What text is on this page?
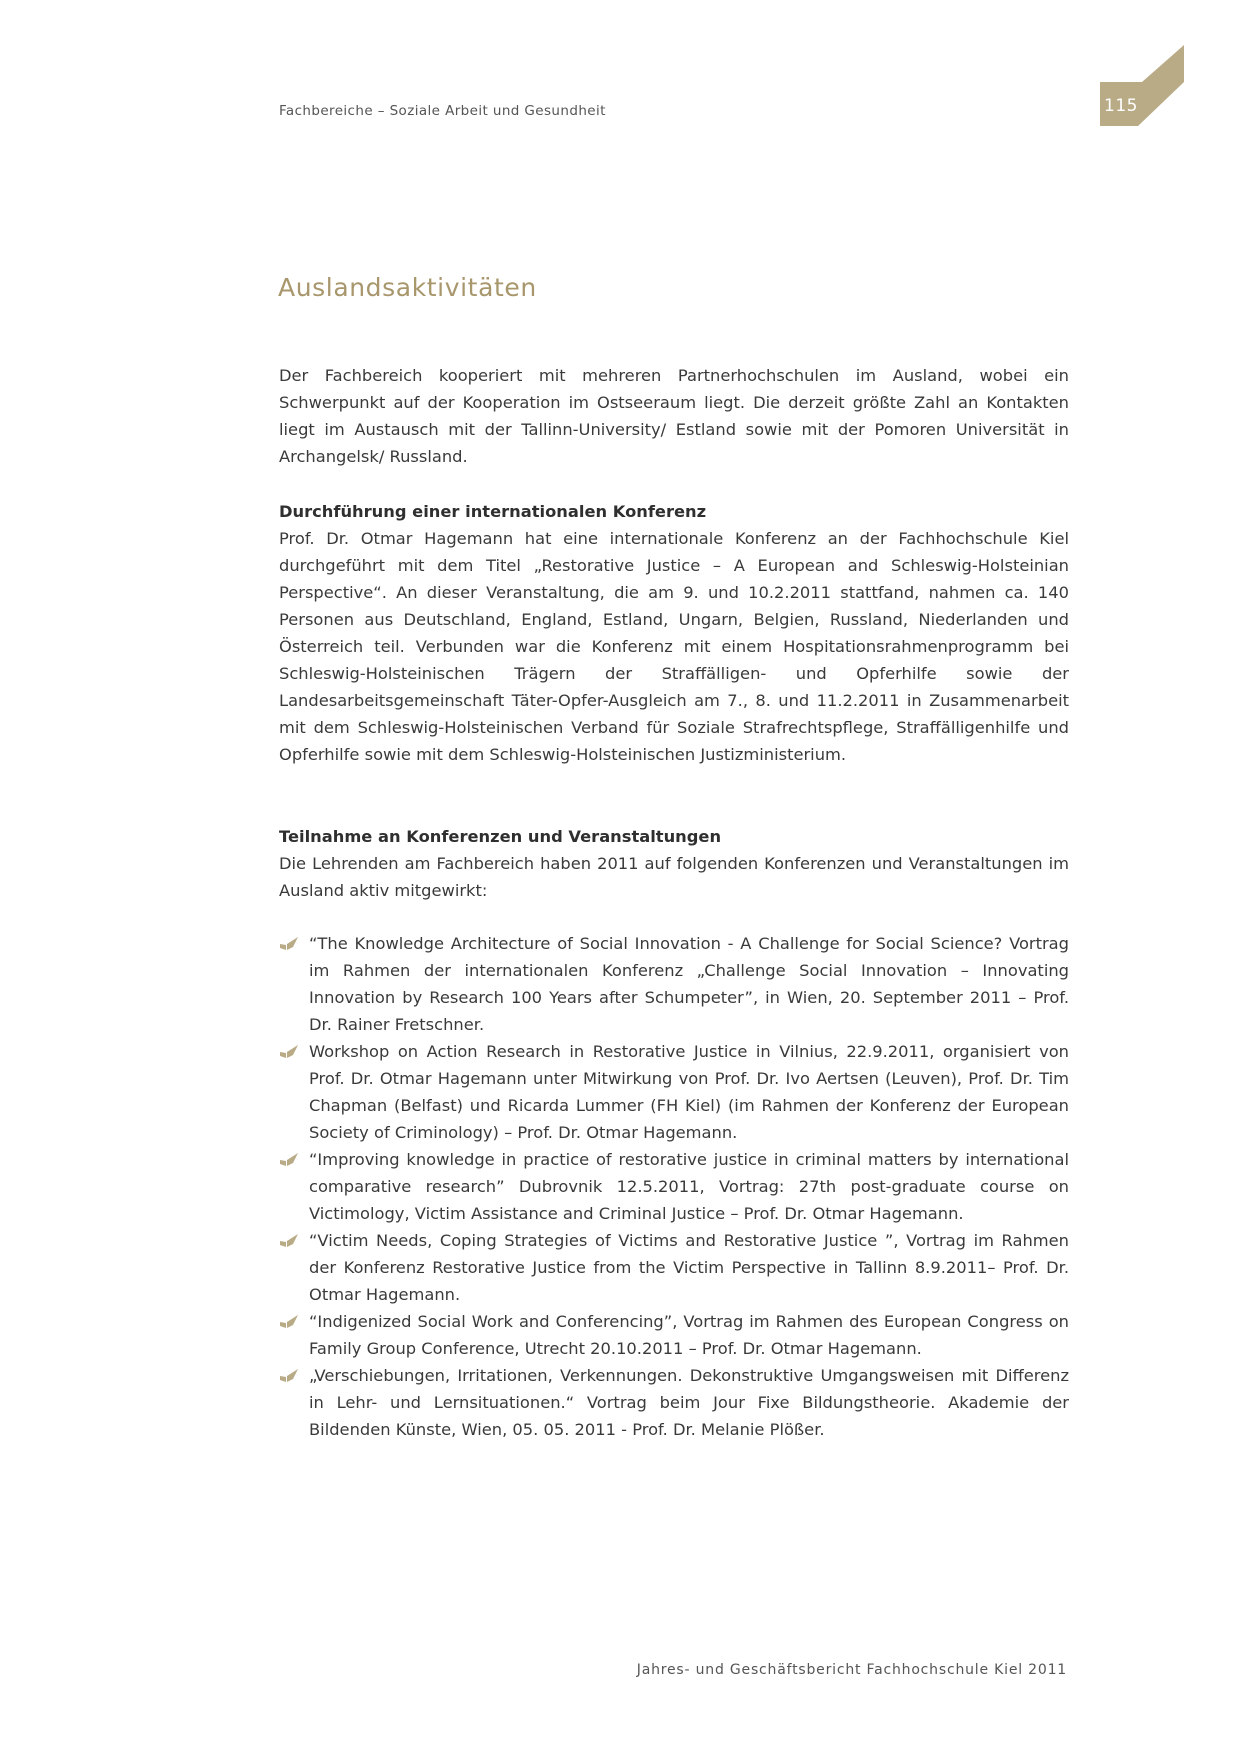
Fachbereiche – Soziale Arbeit und Gesundheit	115
Auslandsaktivitäten

Der Fachbereich kooperiert mit mehreren Partnerhochschulen im Ausland, wobei ein Schwerpunkt auf der Kooperation im Ostseeraum liegt. Die derzeit größte Zahl an Kontakten liegt im Austausch mit der Tallinn-University/ Estland sowie mit der Pomoren Universität in Archangelsk/ Russland.

Durchführung einer internationalen Konferenz

Prof. Dr. Otmar Hagemann hat eine internationale Konferenz an der Fachhochschule Kiel durchgeführt mit dem Titel „Restorative Justice – A European and Schleswig-Holsteinian Perspective“. An dieser Veranstaltung, die am 9. und 10.2.2011 stattfand, nahmen ca. 140 Personen aus Deutschland, England, Estland, Ungarn, Belgien, Russland, Niederlanden und Österreich teil. Verbunden war die Konferenz mit einem Hospitationsrahmenprogramm bei Schleswig-Holsteinischen Trägern der Straffälligen- und Opferhilfe sowie der Landesarbeitsgemeinschaft Täter-Opfer-Ausgleich am 7., 8. und 11.2.2011 in Zusammenarbeit mit dem Schleswig-Holsteinischen Verband für Soziale Strafrechtspflege, Straffälligenhilfe und Opferhilfe sowie mit dem Schleswig-Holsteinischen Justizministerium.

Teilnahme an Konferenzen und Veranstaltungen

Die Lehrenden am Fachbereich haben 2011 auf folgenden Konferenzen und Veranstaltungen im Ausland aktiv mitgewirkt:

“The Knowledge Architecture of Social Innovation - A Challenge for Social Science? Vortrag im Rahmen der internationalen Konferenz „Challenge Social Innovation – Innovating Innovation by Research 100 Years after Schumpeter”, in Wien, 20. September 2011 – Prof. Dr. Rainer Fretschner.
Workshop on Action Research in Restorative Justice in Vilnius, 22.9.2011, organisiert von Prof. Dr. Otmar Hagemann unter Mitwirkung von Prof. Dr. Ivo Aertsen (Leuven), Prof. Dr. Tim Chapman (Belfast) und Ricarda Lummer (FH Kiel) (im Rahmen der Konferenz der European Society of Criminology) – Prof. Dr. Otmar Hagemann.
“Improving knowledge in practice of restorative justice in criminal matters by international comparative research” Dubrovnik 12.5.2011, Vortrag: 27th post-graduate course on Victimology, Victim Assistance and Criminal Justice – Prof. Dr. Otmar Hagemann.
“Victim Needs, Coping Strategies of Victims and Restorative Justice ”, Vortrag im Rahmen der Konferenz Restorative Justice from the Victim Perspective in Tallinn 8.9.2011– Prof. Dr. Otmar Hagemann.
“Indigenized Social Work and Conferencing”, Vortrag im Rahmen des European Congress on Family Group Conference, Utrecht 20.10.2011 – Prof. Dr. Otmar Hagemann.
„Verschiebungen, Irritationen, Verkennungen. Dekonstruktive Umgangsweisen mit Differenz in Lehr- und Lernsituationen.“ Vortrag beim Jour Fixe Bildungstheorie. Akademie der Bildenden Künste, Wien, 05. 05. 2011 - Prof. Dr. Melanie Plößer.
Jahres- und Geschäftsbericht Fachhochschule Kiel 2011
